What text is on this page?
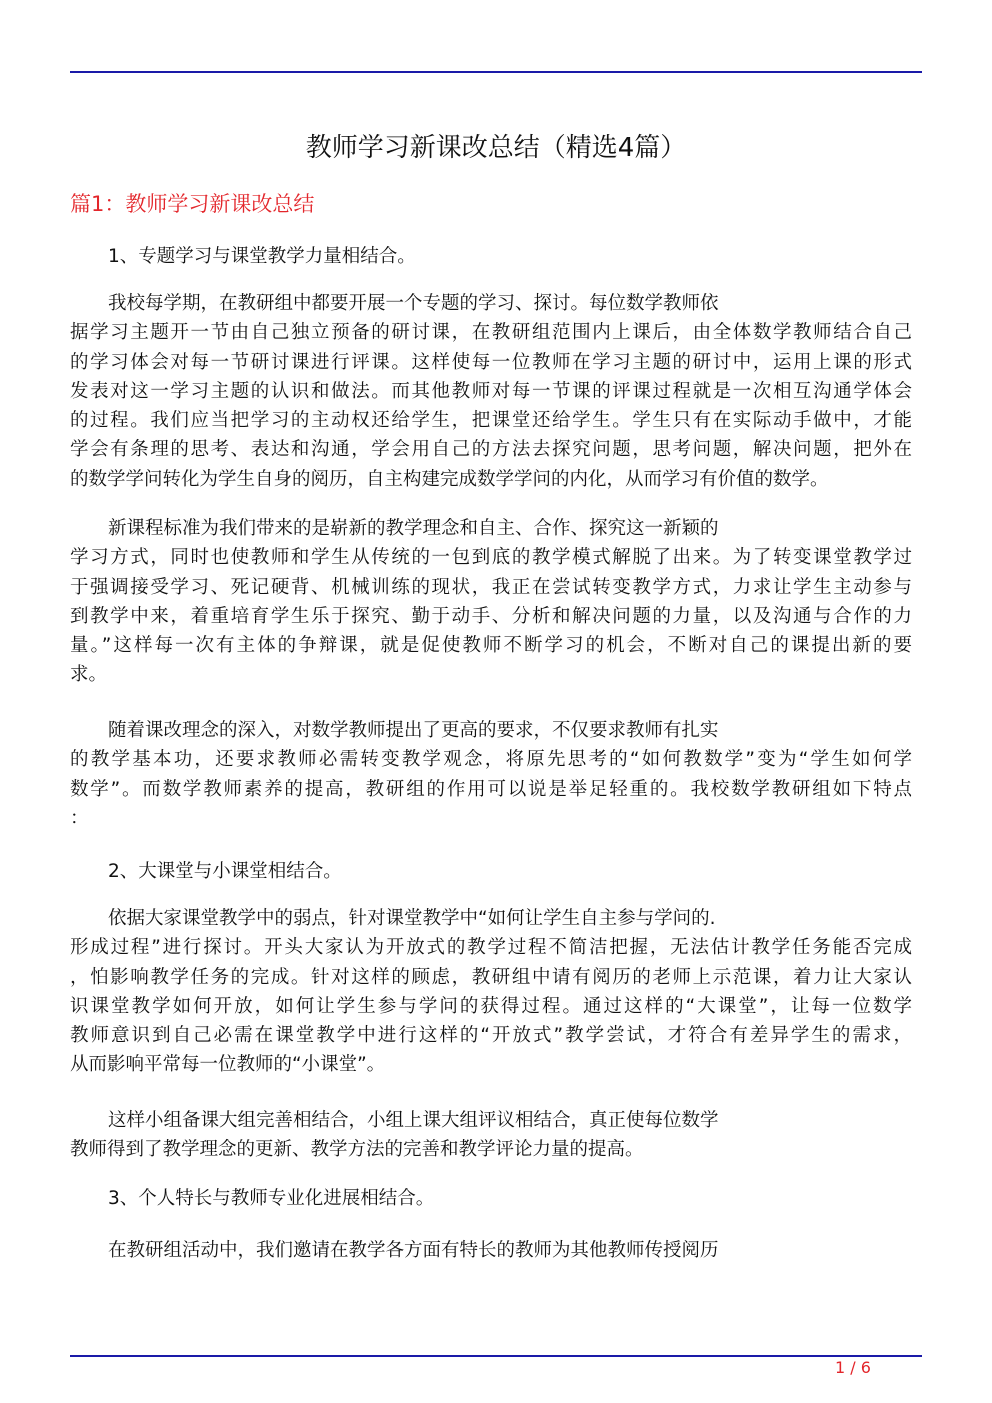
教师学习新课改总结（精选4篇）
篇1：教师学习新课改总结
1、专题学习与课堂教学力量相结合。
我校每学期，在教研组中都要开展一个专题的学习、探讨。每位数学教师依
据学习主题开一节由自己独立预备的研讨课，在教研组范围内上课后，由全体数学教师结合自己
的学习体会对每一节研讨课进行评课。这样使每一位教师在学习主题的研讨中，运用上课的形式
发表对这一学习主题的认识和做法。而其他教师对每一节课的评课过程就是一次相互沟通学体会
的过程。我们应当把学习的主动权还给学生，把课堂还给学生。学生只有在实际动手做中，才能
学会有条理的思考、表达和沟通，学会用自己的方法去探究问题，思考问题，解决问题，把外在
的数学学问转化为学生自身的阅历，自主构建完成数学学问的内化，从而学习有价值的数学。
新课程标准为我们带来的是崭新的教学理念和自主、合作、探究这一新颖的
学习方式，同时也使教师和学生从传统的一包到底的教学模式解脱了出来。为了转变课堂教学过
于强调接受学习、死记硬背、机械训练的现状，我正在尝试转变教学方式，力求让学生主动参与
到教学中来，着重培育学生乐于探究、勤于动手、分析和解决问题的力量，以及沟通与合作的力
量。”这样每一次有主体的争辩课，就是促使教师不断学习的机会，不断对自己的课提出新的要
求。
随着课改理念的深入，对数学教师提出了更高的要求，不仅要求教师有扎实
的教学基本功，还要求教师必需转变教学观念，将原先思考的“如何教数学”变为“学生如何学
数学”。而数学教师素养的提高，教研组的作用可以说是举足轻重的。我校数学教研组如下特点
：
2、大课堂与小课堂相结合。
依据大家课堂教学中的弱点，针对课堂教学中“如何让学生自主参与学问的.
形成过程”进行探讨。开头大家认为开放式的教学过程不简洁把握，无法估计教学任务能否完成
，怕影响教学任务的完成。针对这样的顾虑，教研组中请有阅历的老师上示范课，着力让大家认
识课堂教学如何开放，如何让学生参与学问的获得过程。通过这样的“大课堂”，让每一位数学
教师意识到自己必需在课堂教学中进行这样的“开放式”教学尝试，才符合有差异学生的需求，
从而影响平常每一位教师的“小课堂”。
这样小组备课大组完善相结合，小组上课大组评议相结合，真正使每位数学
教师得到了教学理念的更新、教学方法的完善和教学评论力量的提高。
3、个人特长与教师专业化进展相结合。
在教研组活动中，我们邀请在教学各方面有特长的教师为其他教师传授阅历
1 / 6
